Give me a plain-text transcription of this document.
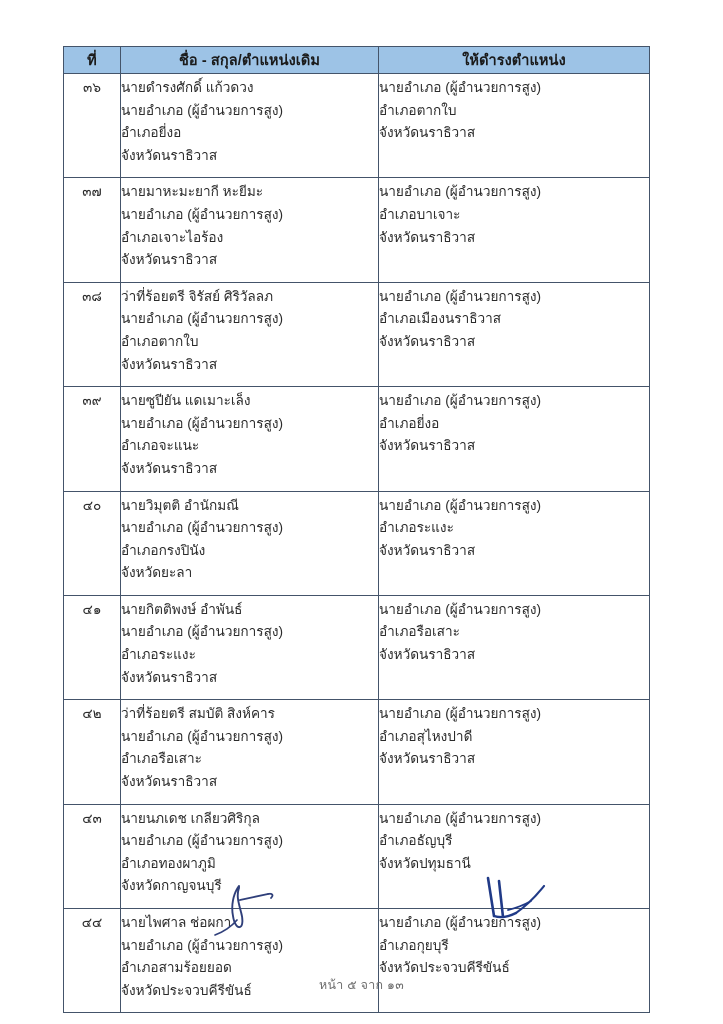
ที่	ชื่อ - สกุล/ตำแหน่งเดิม	ให้ดำรงตำแหน่ง
๓๖	นายดำรงศักดิ์ แก้วดวง
นายอำเภอ (ผู้อำนวยการสูง)
อำเภอยี่งอ
จังหวัดนราธิวาส	นายอำเภอ (ผู้อำนวยการสูง)
อำเภอตากใบ
จังหวัดนราธิวาส

๓๗	นายมาหะมะยากี หะยีมะ
นายอำเภอ (ผู้อำนวยการสูง)
อำเภอเจาะไอร้อง
จังหวัดนราธิวาส	นายอำเภอ (ผู้อำนวยการสูง)
อำเภอบาเจาะ
จังหวัดนราธิวาส

๓๘	ว่าที่ร้อยตรี จิรัสย์ ศิริวัลลภ
นายอำเภอ (ผู้อำนวยการสูง)
อำเภอตากใบ
จังหวัดนราธิวาส	นายอำเภอ (ผู้อำนวยการสูง)
อำเภอเมืองนราธิวาส
จังหวัดนราธิวาส

๓๙	นายซูปียัน แดเมาะเล็ง
นายอำเภอ (ผู้อำนวยการสูง)
อำเภอจะแนะ
จังหวัดนราธิวาส	นายอำเภอ (ผู้อำนวยการสูง)
อำเภอยี่งอ
จังหวัดนราธิวาส

๔๐	นายวิมุตติ อำนักมณี
นายอำเภอ (ผู้อำนวยการสูง)
อำเภอกรงปินัง
จังหวัดยะลา	นายอำเภอ (ผู้อำนวยการสูง)
อำเภอระแงะ
จังหวัดนราธิวาส

๔๑	นายกิตติพงษ์ อำพันธ์
นายอำเภอ (ผู้อำนวยการสูง)
อำเภอระแงะ
จังหวัดนราธิวาส	นายอำเภอ (ผู้อำนวยการสูง)
อำเภอรือเสาะ
จังหวัดนราธิวาส

๔๒	ว่าที่ร้อยตรี สมบัติ สิงห์คาร
นายอำเภอ (ผู้อำนวยการสูง)
อำเภอรือเสาะ
จังหวัดนราธิวาส	นายอำเภอ (ผู้อำนวยการสูง)
อำเภอสุไหงปาดี
จังหวัดนราธิวาส

๔๓	นายนภเดช เกลียวศิริกุล
นายอำเภอ (ผู้อำนวยการสูง)
อำเภอทองผาภูมิ
จังหวัดกาญจนบุรี	นายอำเภอ (ผู้อำนวยการสูง)
อำเภอธัญบุรี
จังหวัดปทุมธานี

๔๔	นายไพศาล ช่อผกา
นายอำเภอ (ผู้อำนวยการสูง)
อำเภอสามร้อยยอด
จังหวัดประจวบคีรีขันธ์	นายอำเภอ (ผู้อำนวยการสูง)
อำเภอกุยบุรี
จังหวัดประจวบคีรีขันธ์
หน้า ๕ จาก ๑๓
